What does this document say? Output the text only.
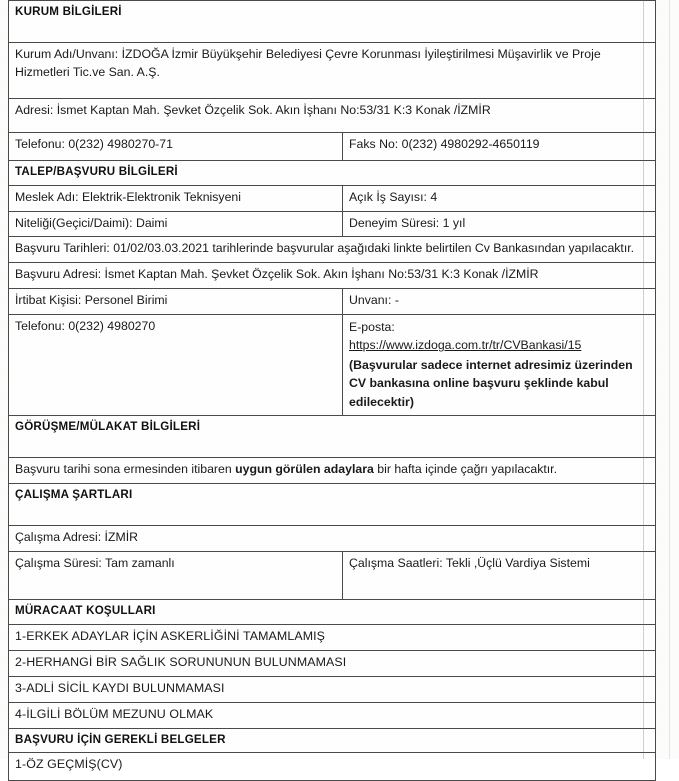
KURUM BİLGİLERİ	
Kurum Adı/Unvanı: İZDOĞA İzmir Büyükşehir Belediyesi Çevre Korunması İyileştirilmesi Müşavirlik ve Proje Hizmetleri Tic.ve San. A.Ş.	
Adresi: İsmet Kaptan Mah. Şevket Özçelik Sok. Akın İşhanı No:53/31 K:3 Konak /İZMİR	
Telefonu: 0(232) 4980270-71	Faks No: 0(232) 4980292-4650119
TALEP/BAŞVURU BİLGİLERİ	
Meslek Adı: Elektrik-Elektronik Teknisyeni	Açık İş Sayısı: 4
Niteliği(Geçici/Daimi): Daimi	Deneyim Süresi: 1 yıl
Başvuru Tarihleri: 01/02/03.03.2021 tarihlerinde başvurular aşağıdaki linkte belirtilen Cv Bankasından yapılacaktır.	
Başvuru Adresi: İsmet Kaptan Mah. Şevket Özçelik Sok. Akın İşhanı No:53/31 K:3 Konak /İZMİR	
İrtibat Kişisi: Personel Birimi	Unvanı: -
Telefonu: 0(232) 4980270	E-posta:
https://www.izdoga.com.tr/tr/CVBankasi/15
(Başvurular sadece internet adresimiz üzerinden CV bankasına online başvuru şeklinde kabul edilecektir)

GÖRÜŞME/MÜLAKAT BİLGİLERİ	
Başvuru tarihi sona ermesinden itibaren uygun görülen adaylara bir hafta içinde çağrı yapılacaktır.	
ÇALIŞMA ŞARTLARI	
Çalışma Adresi: İZMİR	
Çalışma Süresi: Tam zamanlı	Çalışma Saatleri: Tekli ,Üçlü Vardiya Sistemi
MÜRACAAT KOŞULLARI	
1-ERKEK ADAYLAR İÇİN ASKERLİĞİNİ TAMAMLAMIŞ	
2-HERHANGİ BİR SAĞLIK SORUNUNUN BULUNMAMASI	
3-ADLİ SİCİL KAYDI BULUNMAMASI	
4-İLGİLİ BÖLÜM MEZUNU OLMAK	
BAŞVURU İÇİN GEREKLİ BELGELER	
1-ÖZ GEÇMİŞ(CV)	
